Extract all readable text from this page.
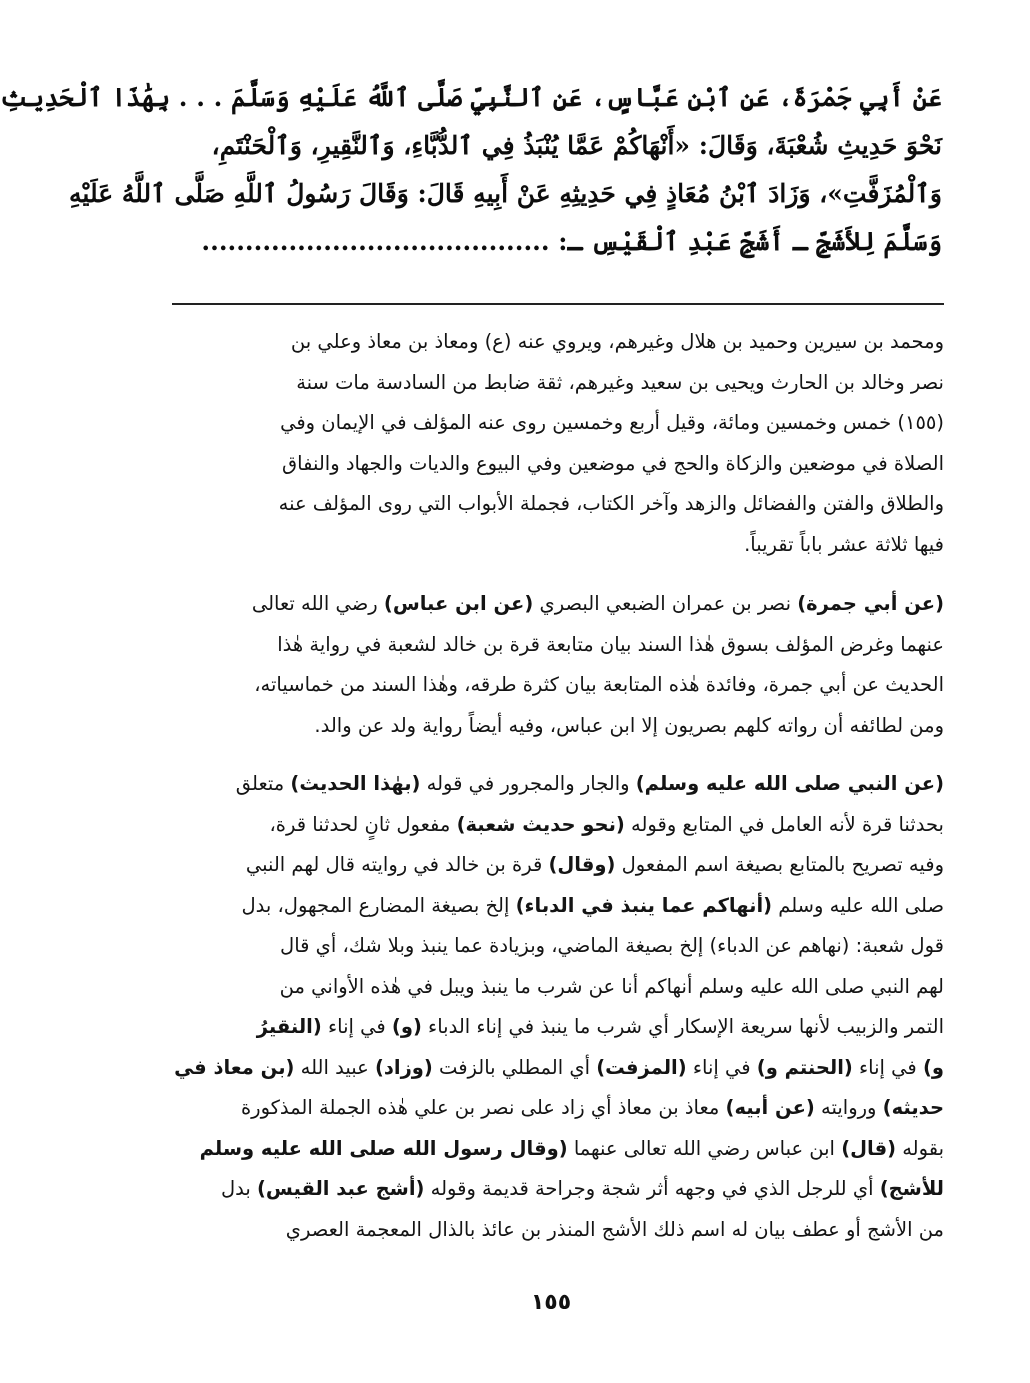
عَنْ أَبِي جَمْرَةَ، عَنِ ٱبْنِ عَبَّاسٍ، عَنِ ٱلنَّبِيِّ صَلَّى ٱللَّهُ عَلَيْهِ وَسَلَّمَ . . . بِهَٰذَا ٱلْحَدِيثِ
نَحْوَ حَدِيثِ شُعْبَةَ، وَقَالَ: «أَنْهَاكُمْ عَمَّا يُنْبَذُ فِي ٱلدُّبَّاءِ، وَٱلنَّقِيرِ، وَٱلْحَنْتَمِ،
وَٱلْمُزَفَّتِ»، وَزَادَ ٱبْنُ مُعَاذٍ فِي حَدِيثِهِ عَنْ أَبِيهِ قَالَ: وَقَالَ رَسُولُ ٱللَّهِ صَلَّى ٱللَّهُ عَلَيْهِ
وَسَلَّمَ لِلأَشَجِّ ـ أَشَجِّ عَبْدِ ٱلْقَيْسِ ـ: ........................................
ومحمد بن سيرين وحميد بن هلال وغيرهم، ويروي عنه (ع) ومعاذ بن معاذ وعلي بن
نصر وخالد بن الحارث ويحيى بن سعيد وغيرهم، ثقة ضابط من السادسة مات سنة
(١٥٥) خمس وخمسين ومائة، وقيل أربع وخمسين روى عنه المؤلف في الإيمان وفي
الصلاة في موضعين والزكاة والحج في موضعين وفي البيوع والديات والجهاد والنفاق
والطلاق والفتن والفضائل والزهد وآخر الكتاب، فجملة الأبواب التي روى المؤلف عنه
فيها ثلاثة عشر باباً تقريباً.
(عن أبي جمرة) نصر بن عمران الضبعي البصري (عن ابن عباس) رضي الله تعالى
عنهما وغرض المؤلف بسوق هٰذا السند بيان متابعة قرة بن خالد لشعبة في رواية هٰذا
الحديث عن أبي جمرة، وفائدة هٰذه المتابعة بيان كثرة طرقه، وهٰذا السند من خماسياته،
ومن لطائفه أن رواته كلهم بصريون إلا ابن عباس، وفيه أيضاً رواية ولد عن والد.
(عن النبي صلى الله عليه وسلم) والجار والمجرور في قوله (بهٰذا الحديث) متعلق
بحدثنا قرة لأنه العامل في المتابع وقوله (نحو حديث شعبة) مفعول ثانٍ لحدثنا قرة،
وفيه تصريح بالمتابع بصيغة اسم المفعول (وقال) قرة بن خالد في روايته قال لهم النبي
صلى الله عليه وسلم (أنهاكم عما ينبذ في الدباء) إلخ بصيغة المضارع المجهول، بدل
قول شعبة: (نهاهم عن الدباء) إلخ بصيغة الماضي، وبزيادة عما ينبذ وبلا شك، أي قال
لهم النبي صلى الله عليه وسلم أنهاكم أنا عن شرب ما ينبذ ويبل في هٰذه الأواني من
التمر والزبيب لأنها سريعة الإسكار أي شرب ما ينبذ في إناء الدباء (و) في إناء (النقيرُ
و) في إناء (الحنتم و) في إناء (المزفت) أي المطلي بالزفت (وزاد) عبيد الله (بن معاذ في
حديثه) وروايته (عن أبيه) معاذ بن معاذ أي زاد على نصر بن علي هٰذه الجملة المذكورة
بقوله (قال) ابن عباس رضي الله تعالى عنهما (وقال رسول الله صلى الله عليه وسلم
للأشج) أي للرجل الذي في وجهه أثر شجة وجراحة قديمة وقوله (أشج عبد القيس) بدل
من الأشج أو عطف بيان له اسم ذلك الأشج المنذر بن عائذ بالذال المعجمة العصري
١٥٥
